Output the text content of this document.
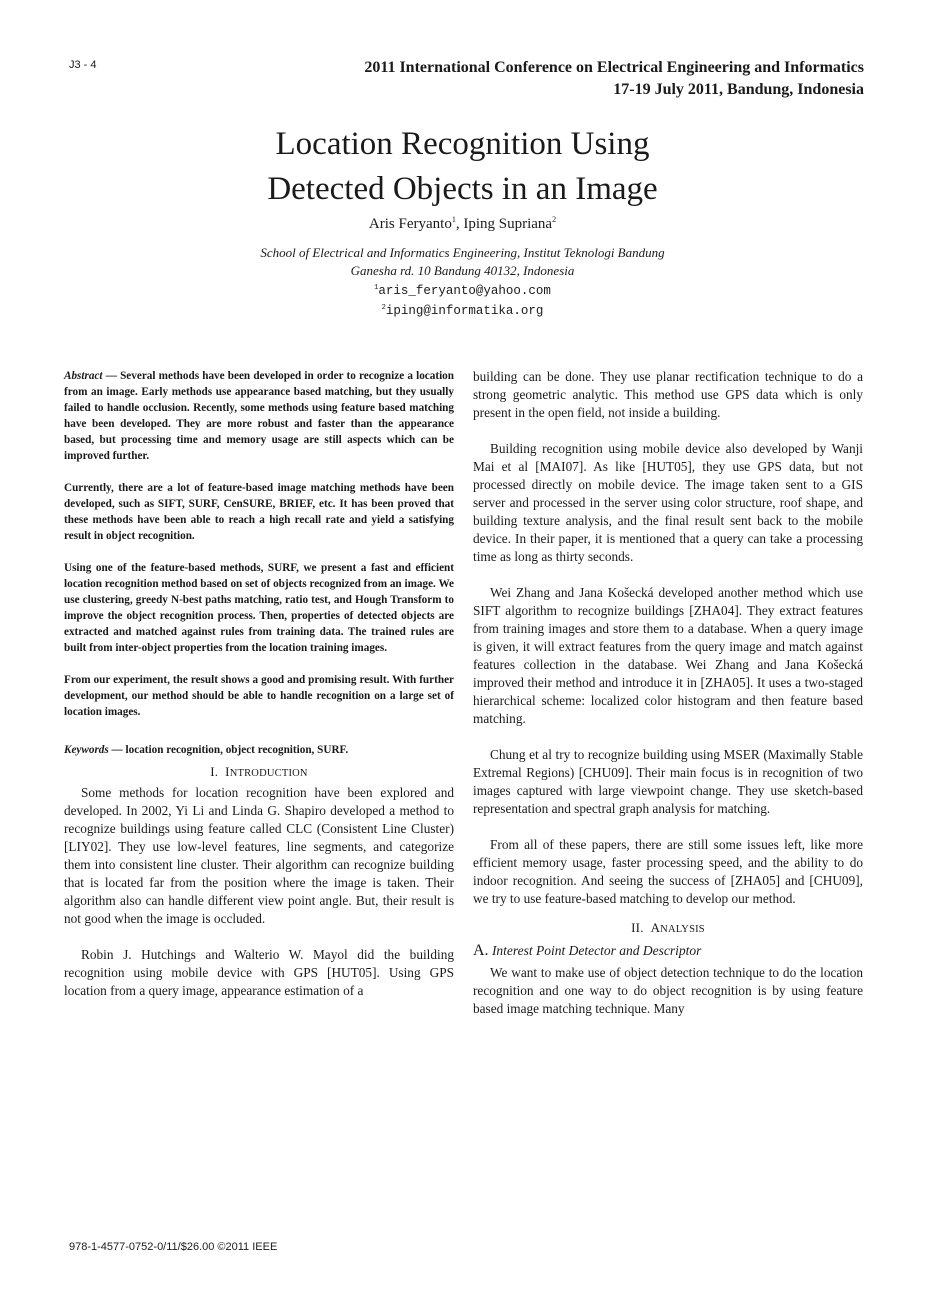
J3 - 4	2011 International Conference on Electrical Engineering and Informatics
17-19 July 2011, Bandung, Indonesia
Location Recognition Using
Detected Objects in an Image
Aris Feryanto$^1$, Iping Supriana$^2$
School of Electrical and Informatics Engineering, Institut Teknologi Bandung
Ganesha rd. 10 Bandung 40132, Indonesia
$^1$aris_feryanto@yahoo.com
$^2$iping@informatika.org

Abstract — Several methods have been developed in order to recognize a location from an image. Early methods use appearance based matching, but they usually failed to handle occlusion. Recently, some methods using feature based matching have been developed. They are more robust and faster than the appearance based, but processing time and memory usage are still aspects which can be improved further.

Currently, there are a lot of feature-based image matching methods have been developed, such as SIFT, SURF, CenSURE, BRIEF, etc. It has been proved that these methods have been able to reach a high recall rate and yield a satisfying result in object recognition.

Using one of the feature-based methods, SURF, we present a fast and efficient location recognition method based on set of objects recognized from an image. We use clustering, greedy N-best paths matching, ratio test, and Hough Transform to improve the object recognition process. Then, properties of detected objects are extracted and matched against rules from training data. The trained rules are built from inter-object properties from the location training images.

From our experiment, the result shows a good and promising result. With further development, our method should be able to handle recognition on a large set of location images.

Keywords — location recognition, object recognition, SURF.

I. INTRODUCTION

Some methods for location recognition have been explored and developed. In 2002, Yi Li and Linda G. Shapiro developed a method to recognize buildings using feature called CLC (Consistent Line Cluster) [LIY02]. They use low-level features, line segments, and categorize them into consistent line cluster. Their algorithm can recognize building that is located far from the position where the image is taken. Their algorithm also can handle different view point angle. But, their result is not good when the image is occluded.

Robin J. Hutchings and Walterio W. Mayol did the building recognition using mobile device with GPS [HUT05]. Using GPS location from a query image, appearance estimation of a

building can be done. They use planar rectification technique to do a strong geometric analytic. This method use GPS data which is only present in the open field, not inside a building.

Building recognition using mobile device also developed by Wanji Mai et al [MAI07]. As like [HUT05], they use GPS data, but not processed directly on mobile device. The image taken sent to a GIS server and processed in the server using color structure, roof shape, and building texture analysis, and the final result sent back to the mobile device. In their paper, it is mentioned that a query can take a processing time as long as thirty seconds.

Wei Zhang and Jana Košecká developed another method which use SIFT algorithm to recognize buildings [ZHA04]. They extract features from training images and store them to a database. When a query image is given, it will extract features from the query image and match against features collection in the database. Wei Zhang and Jana Košecká improved their method and introduce it in [ZHA05]. It uses a two-staged hierarchical scheme: localized color histogram and then feature based matching.

Chung et al try to recognize building using MSER (Maximally Stable Extremal Regions) [CHU09]. Their main focus is in recognition of two images captured with large viewpoint change. They use sketch-based representation and spectral graph analysis for matching.

From all of these papers, there are still some issues left, like more efficient memory usage, faster processing speed, and the ability to do indoor recognition. And seeing the success of [ZHA05] and [CHU09], we try to use feature-based matching to develop our method.

II. ANALYSIS
A. Interest Point Detector and Descriptor

We want to make use of object detection technique to do the location recognition and one way to do object recognition is by using feature based image matching technique. Many

978-1-4577-0752-0/11/$26.00 ©2011 IEEE
